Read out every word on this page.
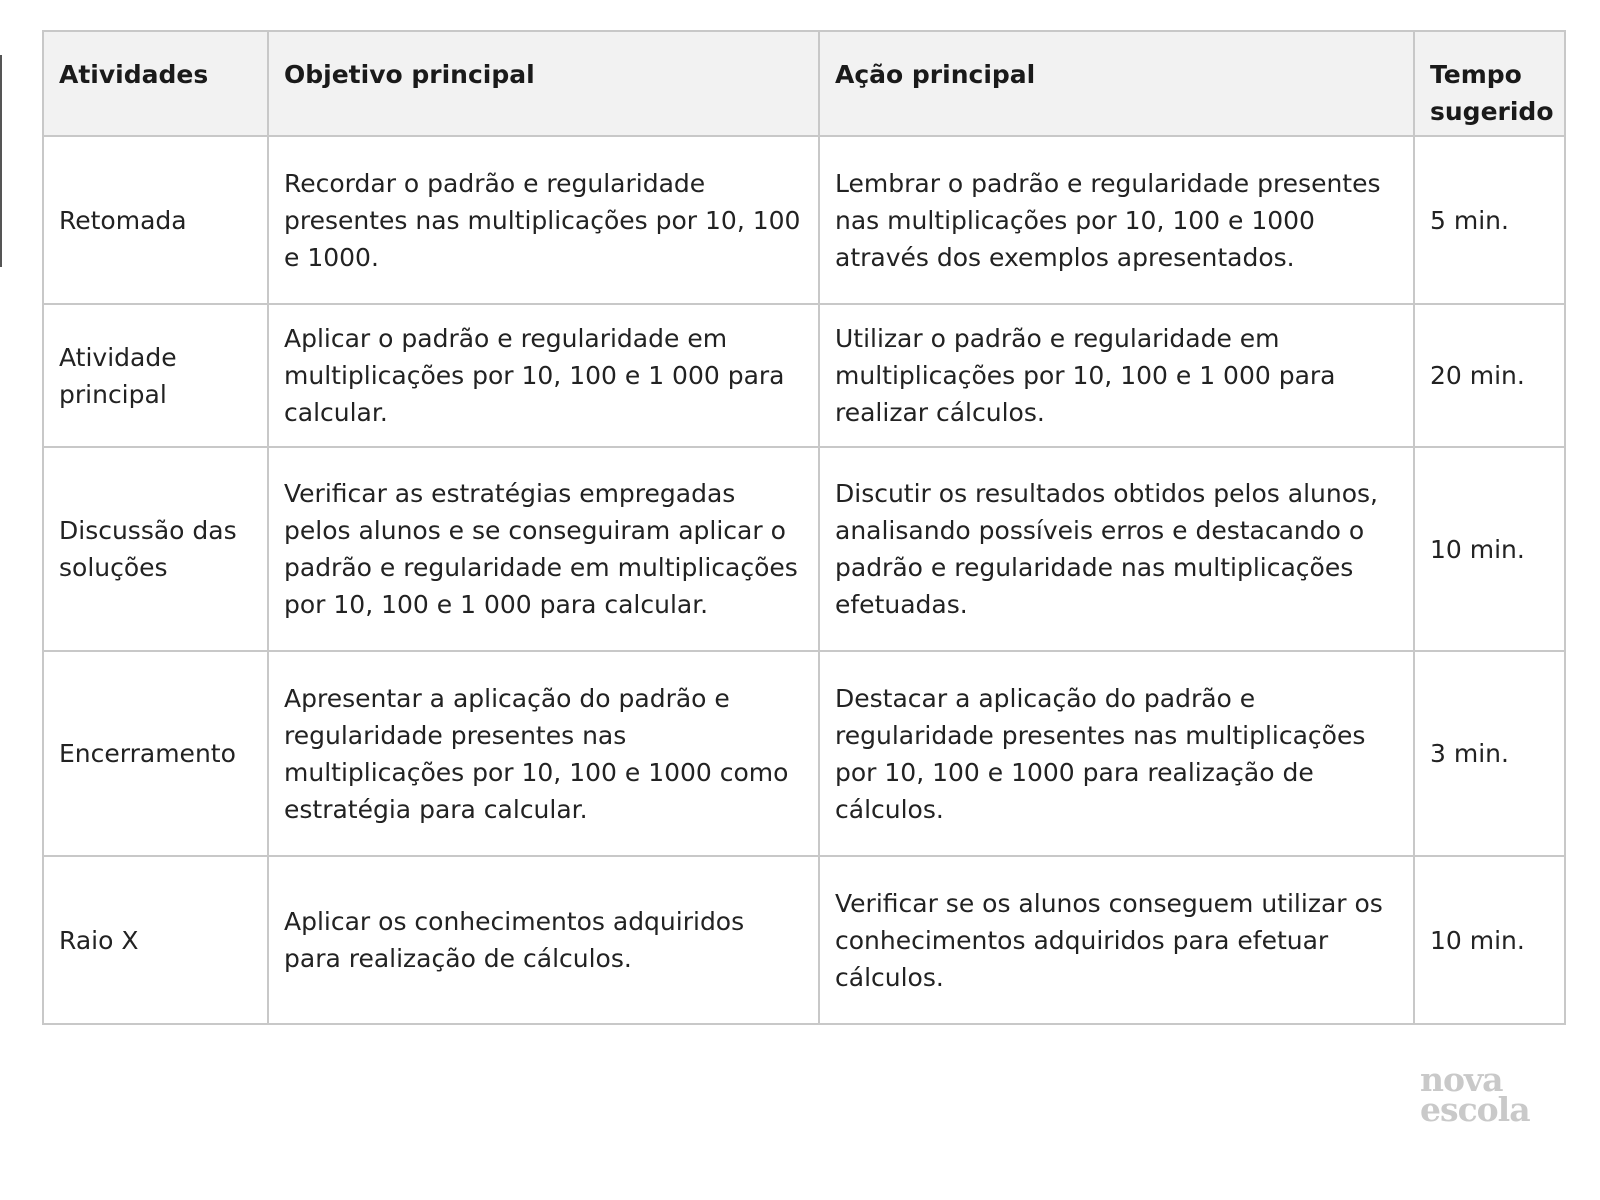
Atividades	Objetivo principal	Ação principal	Tempo sugerido
Retomada	Recordar o padrão e regularidade presentes nas multiplicações por 10, 100 e 1000.	Lembrar o padrão e regularidade presentes nas multiplicações por 10, 100 e 1000 através dos exemplos apresentados.	5 min.
Atividade principal	Aplicar o padrão e regularidade em multiplicações por 10, 100 e 1 000 para calcular.	Utilizar o padrão e regularidade em multiplicações por 10, 100 e 1 000 para realizar cálculos.	20 min.
Discussão das soluções	Verificar as estratégias empregadas pelos alunos e se conseguiram aplicar o padrão e regularidade em multiplicações por 10, 100 e 1 000 para calcular.	Discutir os resultados obtidos pelos alunos, analisando possíveis erros e destacando o padrão e regularidade nas multiplicações efetuadas.	10 min.
Encerramento	Apresentar a aplicação do padrão e regularidade presentes nas multiplicações por 10, 100 e 1000 como estratégia para calcular.	Destacar a aplicação do padrão e regularidade presentes nas multiplicações por 10, 100 e 1000 para realização de cálculos.	3 min.
Raio X	Aplicar os conhecimentos adquiridos para realização de cálculos.	Verificar se os alunos conseguem utilizar os conhecimentos adquiridos para efetuar cálculos.	10 min.
nova
escola
